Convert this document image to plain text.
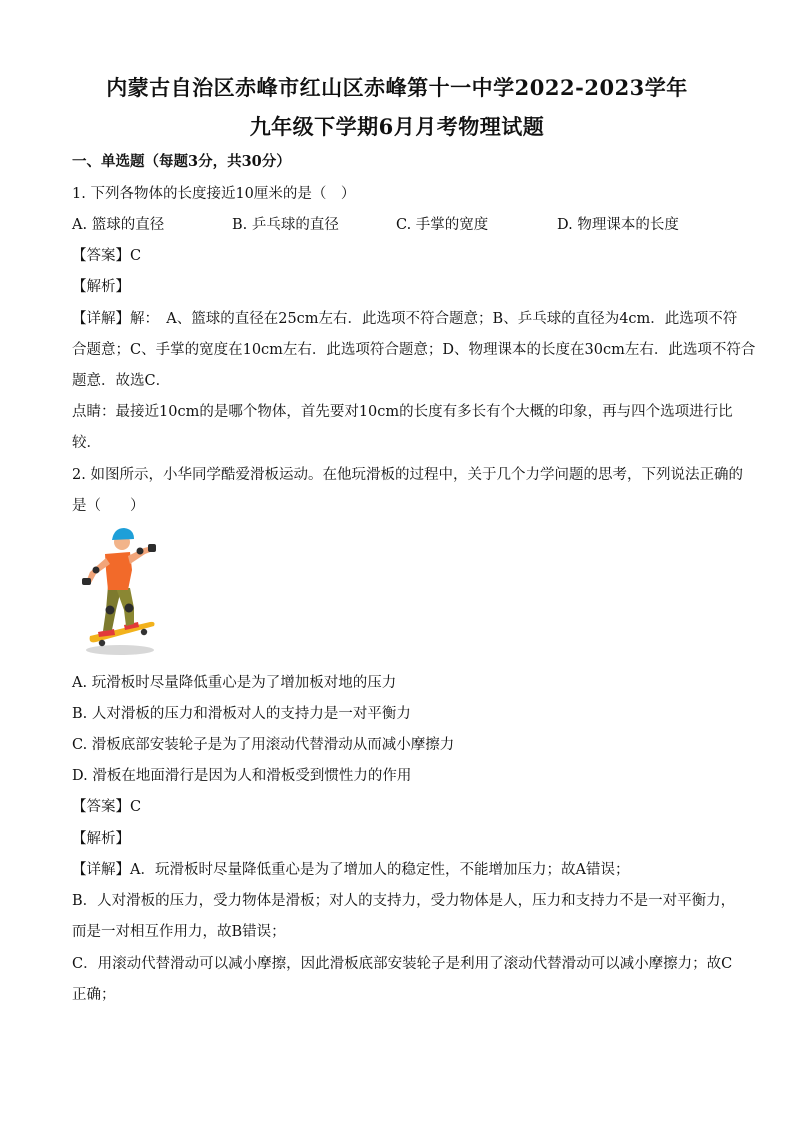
内蒙古自治区赤峰市红山区赤峰第十一中学2022-2023学年
九年级下学期6月月考物理试题
一、单选题（每题3分，共30分）
1. 下列各物体的长度接近10厘米的是（　）
A. 篮球的直径	B. 乒乓球的直径	C. 手掌的宽度	D. 物理课本的长度
【答案】C
【解析】
【详解】解：　A、篮球的直径在25cm左右．此选项不符合题意；B、乒乓球的直径为4cm．此选项不符
合题意；C、手掌的宽度在10cm左右．此选项符合题意；D、物理课本的长度在30cm左右．此选项不符合
题意．故选C．
点睛：最接近10cm的是哪个物体，首先要对10cm的长度有多长有个大概的印象，再与四个选项进行比
较．
2. 如图所示，小华同学酷爱滑板运动。在他玩滑板的过程中，关于几个力学问题的思考，下列说法正确的
是（　　）
A. 玩滑板时尽量降低重心是为了增加板对地的压力
B. 人对滑板的压力和滑板对人的支持力是一对平衡力
C. 滑板底部安装轮子是为了用滚动代替滑动从而减小摩擦力
D. 滑板在地面滑行是因为人和滑板受到惯性力的作用
【答案】C
【解析】
【详解】A．玩滑板时尽量降低重心是为了增加人的稳定性，不能增加压力；故A错误；
B．人对滑板的压力，受力物体是滑板；对人的支持力，受力物体是人，压力和支持力不是一对平衡力，
而是一对相互作用力，故B错误；
C．用滚动代替滑动可以减小摩擦，因此滑板底部安装轮子是利用了滚动代替滑动可以减小摩擦力；故C
正确；
